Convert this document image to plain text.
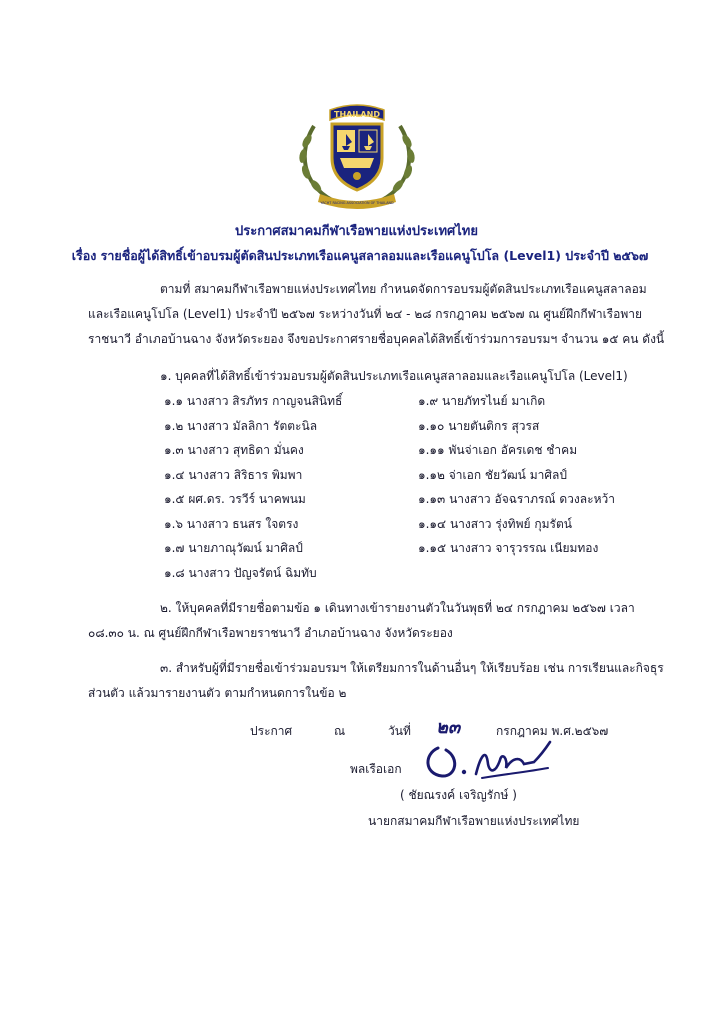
THAILAND
YACHT RACING ASSOCIATION OF THAILAND
ประกาศสมาคมกีฬาเรือพายแห่งประเทศไทย
เรื่อง รายชื่อผู้ได้สิทธิ์เข้าอบรมผู้ตัดสินประเภทเรือแคนูสลาลอมและเรือแคนูโปโล (Level1) ประจำปี ๒๕๖๗
ตามที่ สมาคมกีฬาเรือพายแห่งประเทศไทย กำหนดจัดการอบรมผู้ตัดสินประเภทเรือแคนูสลาลอม
และเรือแคนูโปโล (Level1) ประจำปี ๒๕๖๗ ระหว่างวันที่ ๒๔ - ๒๘ กรกฎาคม ๒๕๖๗ ณ ศูนย์ฝึกกีฬาเรือพาย
ราชนาวี อำเภอบ้านฉาง จังหวัดระยอง จึงขอประกาศรายชื่อบุคคลได้สิทธิ์เข้าร่วมการอบรมฯ จำนวน ๑๕ คน ดังนี้
๑. บุคคลที่ได้สิทธิ์เข้าร่วมอบรมผู้ตัดสินประเภทเรือแคนูสลาลอมและเรือแคนูโปโล (Level1)
๑.๑ นางสาว สิรภัทร กาญจนสินิทธิ์
๑.๒ นางสาว มัลลิกา รัตตะนิล
๑.๓ นางสาว สุทธิดา มั่นคง
๑.๔ นางสาว สิริธาร พิมพา
๑.๕ ผศ.ดร. วรวีร์ นาคพนม
๑.๖ นางสาว ธนสร ใจตรง
๑.๗ นายภาณุวัฒน์ มาศิลป์
๑.๘ นางสาว ปัญจรัตน์ ฉิมทับ
๑.๙ นายภัทรไนย์ มาเกิด
๑.๑๐ นายตันติกร สุวรส
๑.๑๑ พันจ่าเอก อัครเดช ชำคม
๑.๑๒ จ่าเอก ชัยวัฒน์ มาศิลป์
๑.๑๓ นางสาว อัจฉราภรณ์ ดวงละหว้า
๑.๑๔ นางสาว รุ่งทิพย์ กุมรัตน์
๑.๑๕ นางสาว จารุวรรณ เนียมทอง
๒. ให้บุคคลที่มีรายชื่อตามข้อ ๑ เดินทางเข้ารายงานตัวในวันพุธที่ ๒๔ กรกฎาคม ๒๕๖๗ เวลา
๐๘.๓๐ น. ณ ศูนย์ฝึกกีฬาเรือพายราชนาวี อำเภอบ้านฉาง จังหวัดระยอง
๓. สำหรับผู้ที่มีรายชื่อเข้าร่วมอบรมฯ ให้เตรียมการในด้านอื่นๆ ให้เรียบร้อย เช่น การเรียนและกิจธุร
ส่วนตัว แล้วมารายงานตัว ตามกำหนดการในข้อ ๒
ประกาศ	ณ	วันที่ ๒๓	กรกฎาคม พ.ศ.๒๕๖๗
พลเรือเอก
( ชัยณรงค์ เจริญรักษ์ )
นายกสมาคมกีฬาเรือพายแห่งประเทศไทย
